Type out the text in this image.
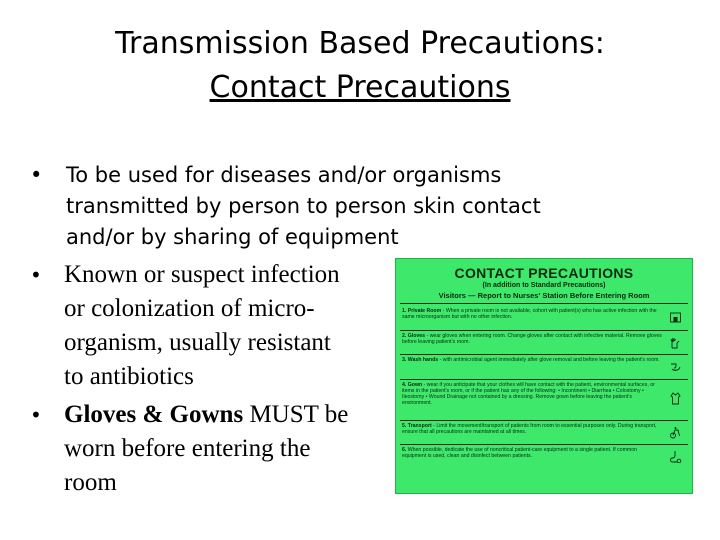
Transmission Based Precautions:
Contact Precautions
• To be used for diseases and/or organisms
transmitted by person to person skin contact
and/or by sharing of equipment
• Known or suspect infection
or colonization of micro-
organism, usually resistant
to antibiotics
• Gloves & Gowns MUST be
worn before entering the
room
CONTACT PRECAUTIONS
(In addition to Standard Precautions)
Visitors — Report to Nurses' Station Before Entering Room
1. Private Room - When a private room is not available, cohort with patient(s) who has active infection with the same microorganism but with no other infection.
2. Gloves - wear gloves when entering room. Change gloves after contact with infective material. Remove gloves before leaving patient's room.
3. Wash hands - with antimicrobial agent immediately after glove removal and before leaving the patient's room.
4. Gown - wear if you anticipate that your clothes will have contact with the patient, environmental surfaces, or items in the patient's room, or if the patient has any of the following: • Incontinent • Diarrhea • Colostomy • Ileostomy • Wound Drainage not contained by a dressing. Remove gown before leaving the patient's environment.
5. Transport - Limit the movement/transport of patients from room to essential purposes only. During transport, ensure that all precautions are maintained at all times.
6. When possible, dedicate the use of noncritical patient-care equipment to a single patient. If common equipment is used, clean and disinfect between patients.
